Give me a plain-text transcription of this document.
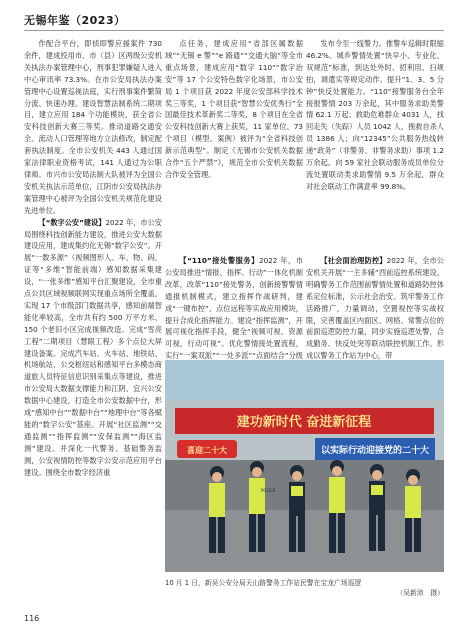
无锡年鉴（2023）

作配合平台，即侦即警应援案件 730 余件，建成投用市、市（县）区两级公安机关执法办案管理中心，刑事犯罪嫌疑人进入中心审讯率 73.3%。在市公安局执法办案管理中心设置巡视法庭，实行刑事案件繁简分流、快速办理。建设智慧法制系统二期项目，建立应用 184 个功能模块，获全省公安科技创新大赛三等奖。推动道路交通安全、流动人口管理等地方立法修改，制定配套执法制度。全市公安机关 443 人通过国家法律职业资格考试，141 人通过为公职律师。市兴市公安局法制大队被评为全国公安机关执法示范单位，江阴市公安局执法办案管理中心被评为全国公安机关规范化建设先进单位。

【“数字公安”建设】2022 年，市公安局围绕科技创新能力建设，推进公安大数据建设应用，建成集约化无锡“数字公安”。开展“一数多源”（视频图形人、车、物、码、证等“多维”智能前端）感知数据采集建设，“一张多维”感知平台汇聚建设，全市重点公共区域视频联网实现重点场所全覆盖，实现 17 个市级部门数据共享，感知前端智能化率较高，全市共有约 500 万平方米、150 个老旧小区完成视频改造。完成“雪亮工程”二期项目（慧眼工程）多个点位大屏建设备案。完成汽车站、火车站、地铁站、机场航站、公交枢纽站和感知平台多模态商道旅人员特征信息识别采集点等建设，推进市公安局大数据支撑能力和江阴、宜兴公安数据中心建设，打造全市公安数据中台，形成“感知中台”“数据中台”“地理中台”等各赋能的“数字公安”基座。开展“社区监测”“交通监测”“指挥监测”“安保监测”“海区监测”建设。并深化一代警务、基础警务监测，公安视情防控等数字公安示范应用平台建设。围绕全市数字经济重

点任务，建成应用“省部区属数据域”“无锡 e 警”“e 路通”“交通大脑”等全市重点场景，建成应用“数字 110”“数字治安”等 17 个公安特色数字化场景，市公安局 1 个项目获 2022 年度公安部科学技术奖三等奖，1 个项目获“智慧公安优秀行”全国最佳技术革新奖二等奖，8 个项目在全省公安科技创新大赛上获奖，11 家单位、73 个项目（模型、案例）被评为“全省科技创新示范典型”。制定《无锡市公安机关数据合作“五个严禁”》，规范全市公安机关数据合作安全管理。

【“110”接处警服务】2022 年，市公安局推进“情报、指挥、行动”一体化机制改革，改革“110”接处警务，创新接警警情通报机制模式，建立指挥作战研判，建成“一键布控”、点位远程等实战应用模块，提升合成化指挥能力。建设“指挥监测”，开展可视化指挥手段，健全“视频可视、资源可视、行动可视”。优化警情接处置流程，实行“一案双派”“一处多派”“点面结合”分级

发布令至一线警力。推警车巡辑时限缩 46.2%。城乡警情处置“快早小、专业化、双规范”标准，到达处外时、招利用、扫规拍，调遣实等规定动作。提升“1、3、5 分钟”快反处置能力。“110”接警服务台全年接报警情 203 万余起，其中服务求助类警情 62.1 万起；救助危难群众 4031 人，找回走失（失踪）人员 1042 人，挽救自杀人员 1386 人；向“12345”公共服务热线转递“政务”（非警务、非警务求助）事项 1.2 万余起。向 59 家社会联动服务成员单位分流处置联动类求助警情 9.5 万余起，群众对社会联动工作满意率 99.8%。

【社会面治理防控】2022 年，全市公安机关开展“一主多辅”西前巡控系统建设，明确警务工作范围前警情处置和道路防控体系定位标准，公示社会治安。筑牢警务工作活路推广，力量调动，空置视控等实战权限，完善覆盖区内面区、网格、常警点位的前面巡逻防控力量，同步实施巡逻处警，合成勤务、快反处突等联动联控机制工作。形成以警务工作站为中心，带

建功新时代 奋进新征程
以实际行动迎接党的二十大
喜迎二十大
POLICE
10 月 1 日，新吴公安分局天山路警务工作站民警在宝龙广场巡逻
（吴新沛　摄）
116
